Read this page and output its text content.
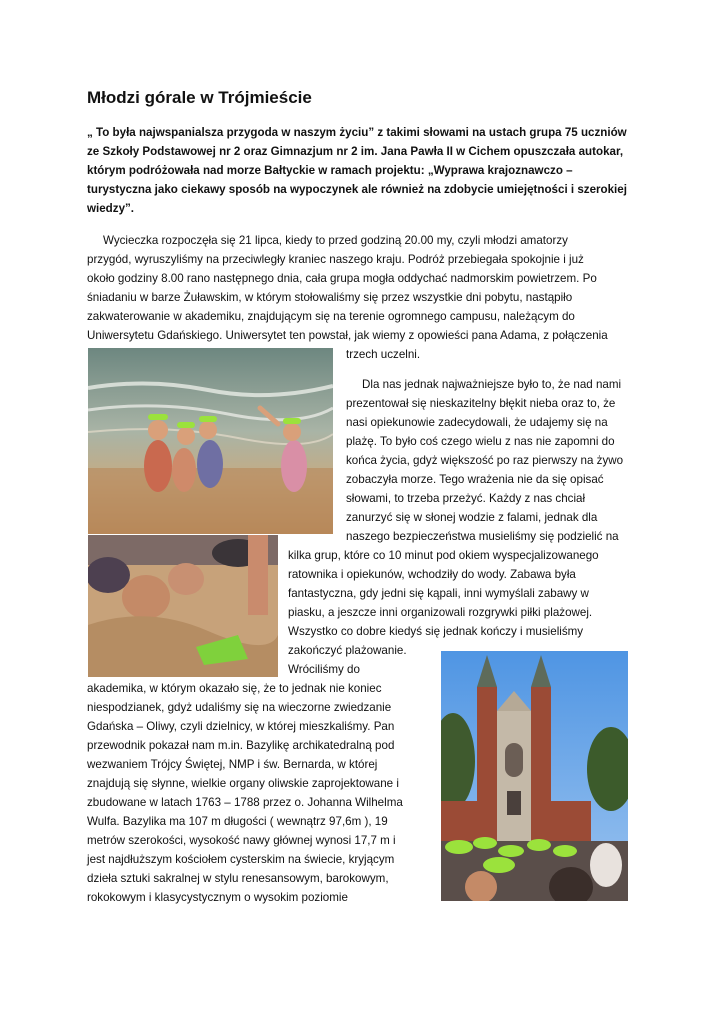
Młodzi górale w Trójmieście

„ To była najwspanialsza przygoda w naszym życiu” z takimi słowami na ustach grupa 75 uczniów ze Szkoły Podstawowej nr 2 oraz Gimnazjum nr 2 im. Jana Pawła II w Cichem opuszczała autokar, którym podróżowała nad morze Bałtyckie w ramach projektu: „Wyprawa krajoznawczo – turystyczna jako ciekawy sposób na wypoczynek ale również na zdobycie umiejętności i szerokiej wiedzy”.

Wycieczka rozpoczęła się 21 lipca, kiedy to przed godziną 20.00 my, czyli młodzi amatorzy

przygód, wyruszyliśmy na przeciwległy kraniec naszego kraju. Podróż przebiegała spokojnie i już

około godziny 8.00 rano następnego dnia, cała grupa mogła oddychać nadmorskim powietrzem. Po

śniadaniu w barze Żuławskim, w którym stołowaliśmy się przez wszystkie dni pobytu, nastąpiło

zakwaterowanie w akademiku, znajdującym się na terenie ogromnego campusu, należącym do

Uniwersytetu Gdańskiego. Uniwersytet ten powstał, jak wiemy z opowieści pana Adama, z połączenia

trzech uczelni.

Dla nas jednak najważniejsze było to, że nad nami

prezentował się nieskazitelny błękit nieba oraz to, że

nasi opiekunowie zadecydowali, że udajemy się na

plażę. To było coś czego wielu z nas nie zapomni do

końca życia, gdyż większość po raz pierwszy na żywo

zobaczyła morze. Tego wrażenia nie da się opisać

słowami, to trzeba przeżyć. Każdy z nas chciał

zanurzyć się w słonej wodzie z falami, jednak dla

naszego bezpieczeństwa musieliśmy się podzielić na

kilka grup, które co 10 minut pod okiem wyspecjalizowanego

ratownika i opiekunów, wchodziły do wody. Zabawa była

fantastyczna, gdy jedni się kąpali, inni wymyślali zabawy w

piasku, a jeszcze inni organizowali rozgrywki piłki plażowej.

Wszystko co dobre kiedyś się jednak kończy i musieliśmy

zakończyć plażowanie.

Wróciliśmy do

akademika, w którym okazało się, że to jednak nie koniec

niespodzianek, gdyż udaliśmy się na wieczorne zwiedzanie

Gdańska – Oliwy, czyli dzielnicy, w której mieszkaliśmy. Pan

przewodnik pokazał nam m.in. Bazylikę archikatedralną pod

wezwaniem Trójcy Świętej, NMP i św. Bernarda, w której

znajdują się słynne, wielkie organy oliwskie zaprojektowane i

zbudowane w latach 1763 – 1788 przez o. Johanna Wilhelma

Wulfa. Bazylika ma 107 m długości ( wewnątrz 97,6m ), 19

metrów szerokości, wysokość nawy głównej wynosi 17,7 m i

jest najdłuższym kościołem cysterskim na świecie, kryjącym

dzieła sztuki sakralnej w stylu renesansowym, barokowym,

rokokowym i klasycystycznym o wysokim poziomie
